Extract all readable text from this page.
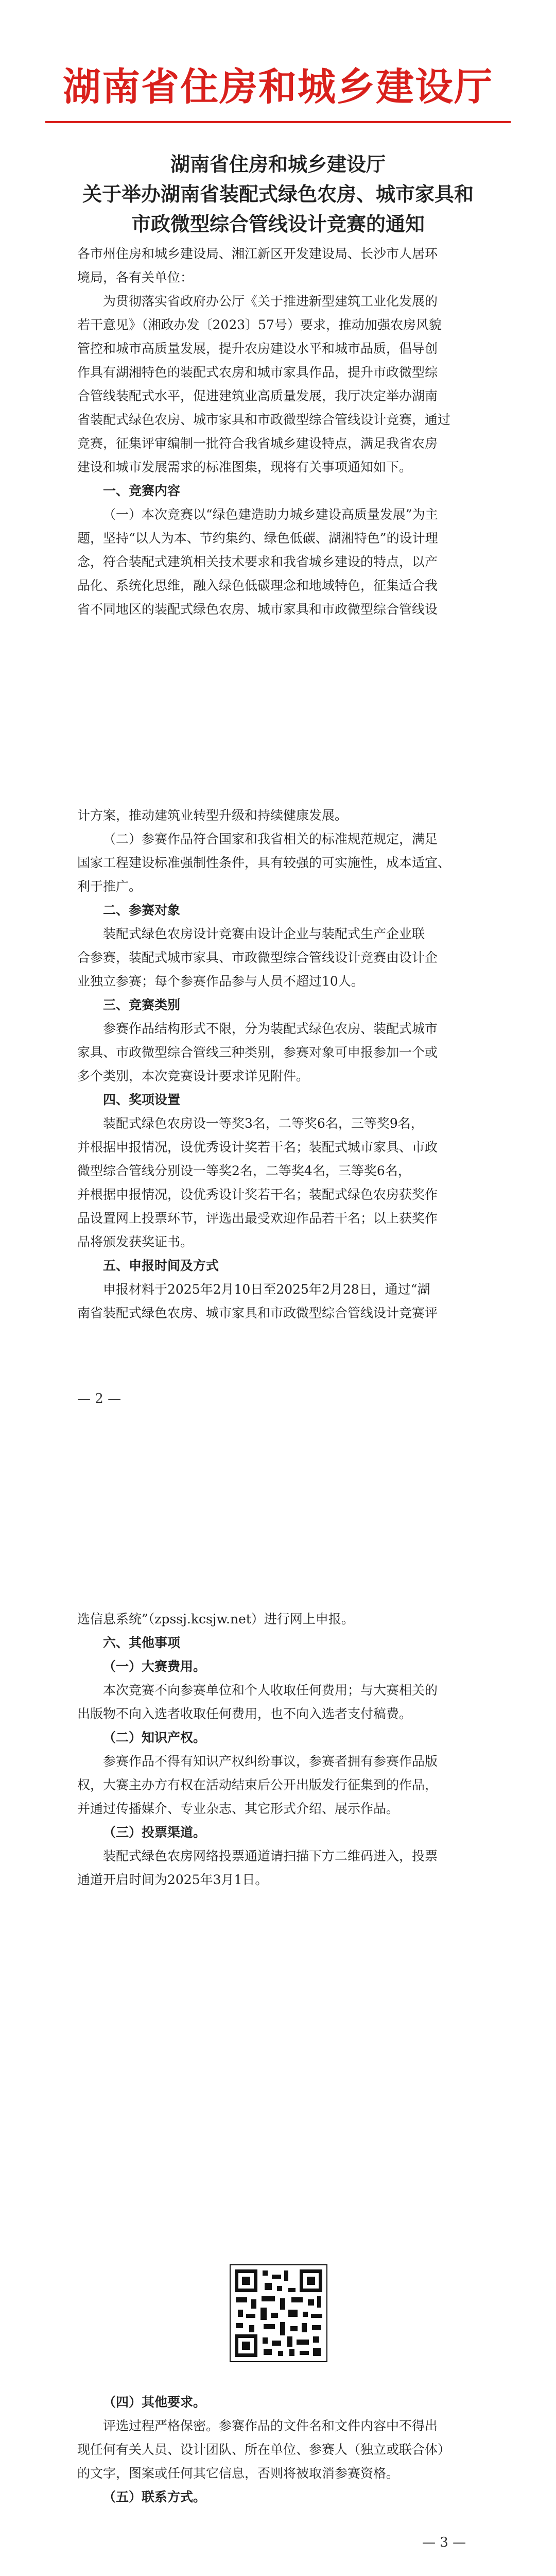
湖南省住房和城乡建设厅
湖南省住房和城乡建设厅
关于举办湖南省装配式绿色农房、城市家具和
市政微型综合管线设计竞赛的通知

各市州住房和城乡建设局、湘江新区开发建设局、长沙市人居环

境局，各有关单位：

为贯彻落实省政府办公厅《关于推进新型建筑工业化发展的

若干意见》（湘政办发〔2023〕57号）要求，推动加强农房风貌

管控和城市高质量发展，提升农房建设水平和城市品质，倡导创

作具有湖湘特色的装配式农房和城市家具作品，提升市政微型综

合管线装配式水平，促进建筑业高质量发展，我厅决定举办湖南

省装配式绿色农房、城市家具和市政微型综合管线设计竞赛，通过

竞赛，征集评审编制一批符合我省城乡建设特点，满足我省农房

建设和城市发展需求的标准图集，现将有关事项通知如下。

一、竞赛内容

（一）本次竞赛以“绿色建造助力城乡建设高质量发展”为主

题，坚持“以人为本、节约集约、绿色低碳、湖湘特色”的设计理

念，符合装配式建筑相关技术要求和我省城乡建设的特点，以产

品化、系统化思维，融入绿色低碳理念和地域特色，征集适合我

省不同地区的装配式绿色农房、城市家具和市政微型综合管线设

计方案，推动建筑业转型升级和持续健康发展。

（二）参赛作品符合国家和我省相关的标准规范规定，满足

国家工程建设标准强制性条件，具有较强的可实施性，成本适宜、

利于推广。

二、参赛对象

装配式绿色农房设计竞赛由设计企业与装配式生产企业联

合参赛，装配式城市家具、市政微型综合管线设计竞赛由设计企

业独立参赛；每个参赛作品参与人员不超过10人。

三、竞赛类别

参赛作品结构形式不限，分为装配式绿色农房、装配式城市

家具、市政微型综合管线三种类别，参赛对象可申报参加一个或

多个类别，本次竞赛设计要求详见附件。

四、奖项设置

装配式绿色农房设一等奖3名，二等奖6名，三等奖9名，

并根据申报情况，设优秀设计奖若干名；装配式城市家具、市政

微型综合管线分别设一等奖2名，二等奖4名，三等奖6名，

并根据申报情况，设优秀设计奖若干名；装配式绿色农房获奖作

品设置网上投票环节，评选出最受欢迎作品若干名；以上获奖作

品将颁发获奖证书。

五、申报时间及方式

申报材料于2025年2月10日至2025年2月28日，通过“湖

南省装配式绿色农房、城市家具和市政微型综合管线设计竞赛评

— 2 —

选信息系统”（zpssj.kcsjw.net）进行网上申报。

六、其他事项

（一）大赛费用。

本次竞赛不向参赛单位和个人收取任何费用；与大赛相关的

出版物不向入选者收取任何费用，也不向入选者支付稿费。

（二）知识产权。

参赛作品不得有知识产权纠纷事议，参赛者拥有参赛作品版

权，大赛主办方有权在活动结束后公开出版发行征集到的作品，

并通过传播媒介、专业杂志、其它形式介绍、展示作品。

（三）投票渠道。

装配式绿色农房网络投票通道请扫描下方二维码进入，投票

通道开启时间为2025年3月1日。

（四）其他要求。

评选过程严格保密。参赛作品的文件名和文件内容中不得出

现任何有关人员、设计团队、所在单位、参赛人（独立或联合体）

的文字，图案或任何其它信息，否则将被取消参赛资格。

（五）联系方式。

— 3 —
